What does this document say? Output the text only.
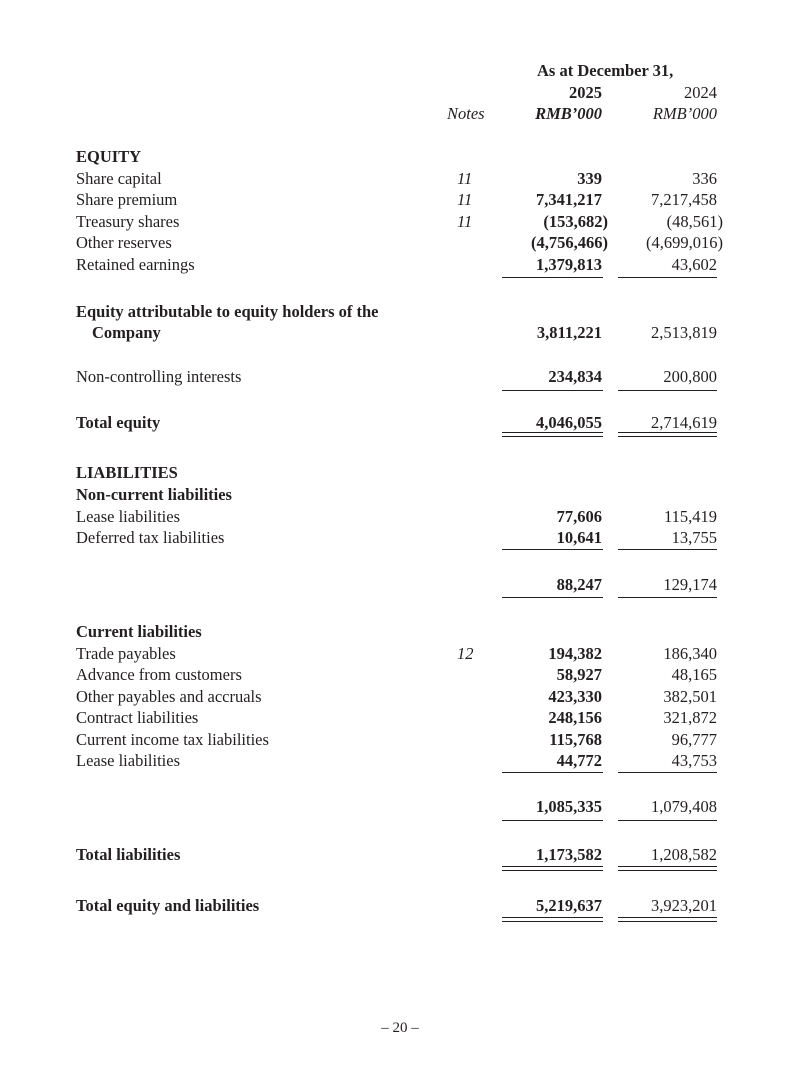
As at December 31,
2025	2024
Notes	RMB’000	RMB’000
EQUITY
Share capital	11	339	336
Share premium	11	7,341,217	7,217,458
Treasury shares	11	(153,682)	(48,561)
Other reserves	(4,756,466)	(4,699,016)
Retained earnings	1,379,813	43,602
Equity attributable to equity holders of the
Company	3,811,221	2,513,819
Non-controlling interests	234,834	200,800
Total equity	4,046,055	2,714,619
LIABILITIES
Non-current liabilities
Lease liabilities	77,606	115,419
Deferred tax liabilities	10,641	13,755
88,247	129,174
Current liabilities
Trade payables	12	194,382	186,340
Advance from customers	58,927	48,165
Other payables and accruals	423,330	382,501
Contract liabilities	248,156	321,872
Current income tax liabilities	115,768	96,777
Lease liabilities	44,772	43,753
1,085,335	1,079,408
Total liabilities	1,173,582	1,208,582
Total equity and liabilities	5,219,637	3,923,201
– 20 –
